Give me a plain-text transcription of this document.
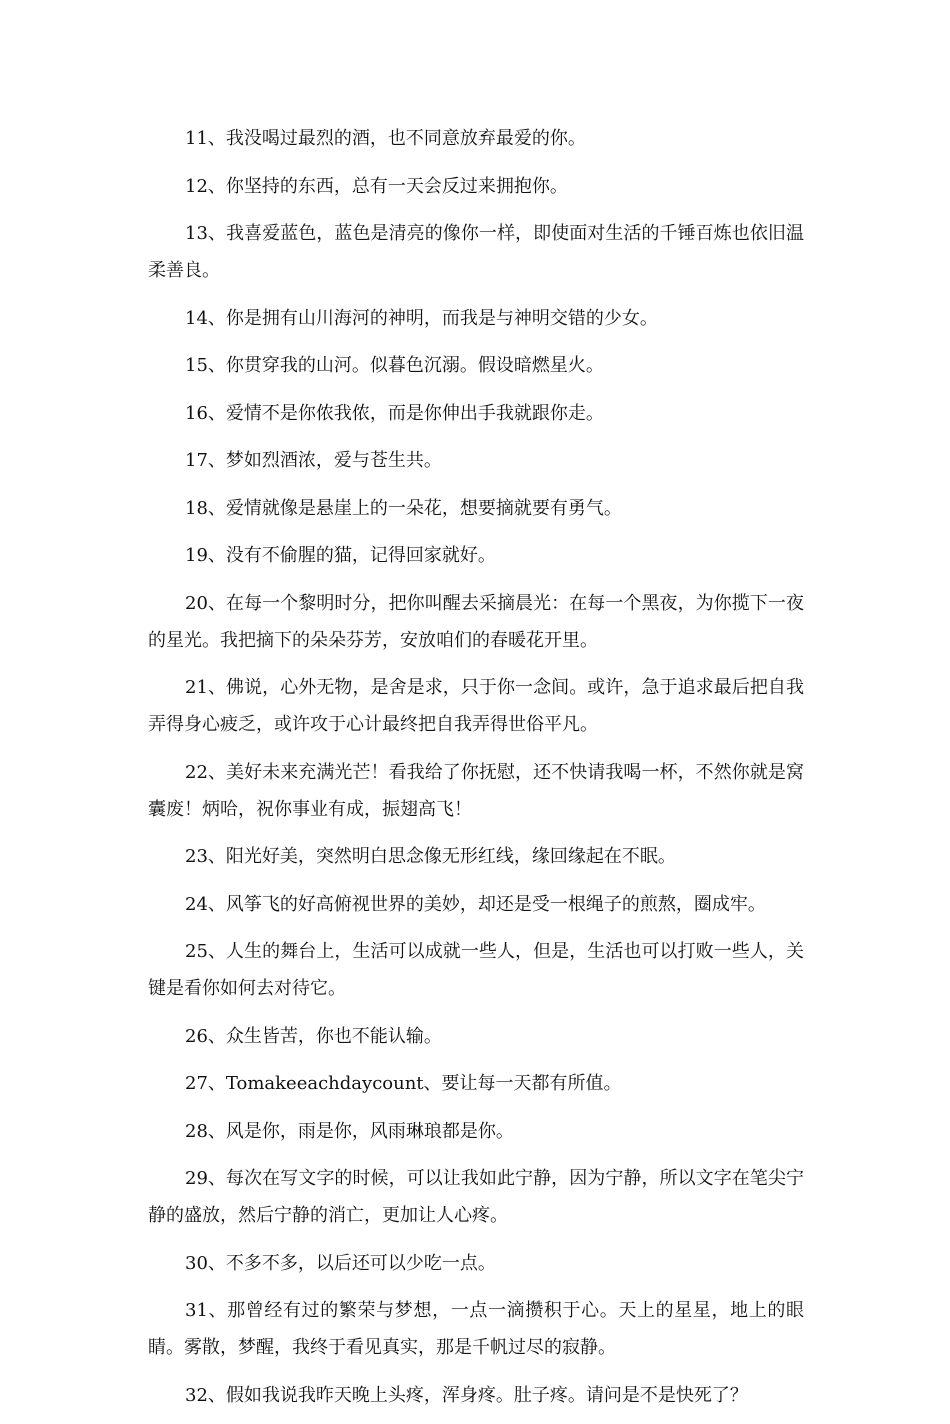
11、我没喝过最烈的酒，也不同意放弃最爱的你。

12、你坚持的东西，总有一天会反过来拥抱你。

13、我喜爱蓝色，蓝色是清亮的像你一样，即使面对生活的千锤百炼也依旧温柔善良。

14、你是拥有山川海河的神明，而我是与神明交错的少女。

15、你贯穿我的山河。似暮色沉溺。假设暗燃星火。

16、爱情不是你侬我侬，而是你伸出手我就跟你走。

17、梦如烈酒浓，爱与苍生共。

18、爱情就像是悬崖上的一朵花，想要摘就要有勇气。

19、没有不偷腥的猫，记得回家就好。

20、在每一个黎明时分，把你叫醒去采摘晨光：在每一个黑夜，为你揽下一夜的星光。我把摘下的朵朵芬芳，安放咱们的春暖花开里。

21、佛说，心外无物，是舍是求，只于你一念间。或许，急于追求最后把自我弄得身心疲乏，或许攻于心计最终把自我弄得世俗平凡。

22、美好未来充满光芒！看我给了你抚慰，还不快请我喝一杯，不然你就是窝囊废！炳哈，祝你事业有成，振翅高飞！

23、阳光好美，突然明白思念像无形红线，缘回缘起在不眠。

24、风筝飞的好高俯视世界的美妙，却还是受一根绳子的煎熬，圈成牢。

25、人生的舞台上，生活可以成就一些人，但是，生活也可以打败一些人，关键是看你如何去对待它。

26、众生皆苦，你也不能认输。

27、Tomakeeachdaycount、要让每一天都有所值。

28、风是你，雨是你，风雨琳琅都是你。

29、每次在写文字的时候，可以让我如此宁静，因为宁静，所以文字在笔尖宁静的盛放，然后宁静的消亡，更加让人心疼。

30、不多不多，以后还可以少吃一点。

31、那曾经有过的繁荣与梦想，一点一滴攒积于心。天上的星星，地上的眼睛。雾散，梦醒，我终于看见真实，那是千帆过尽的寂静。

32、假如我说我昨天晚上头疼，浑身疼。肚子疼。请问是不是快死了？
